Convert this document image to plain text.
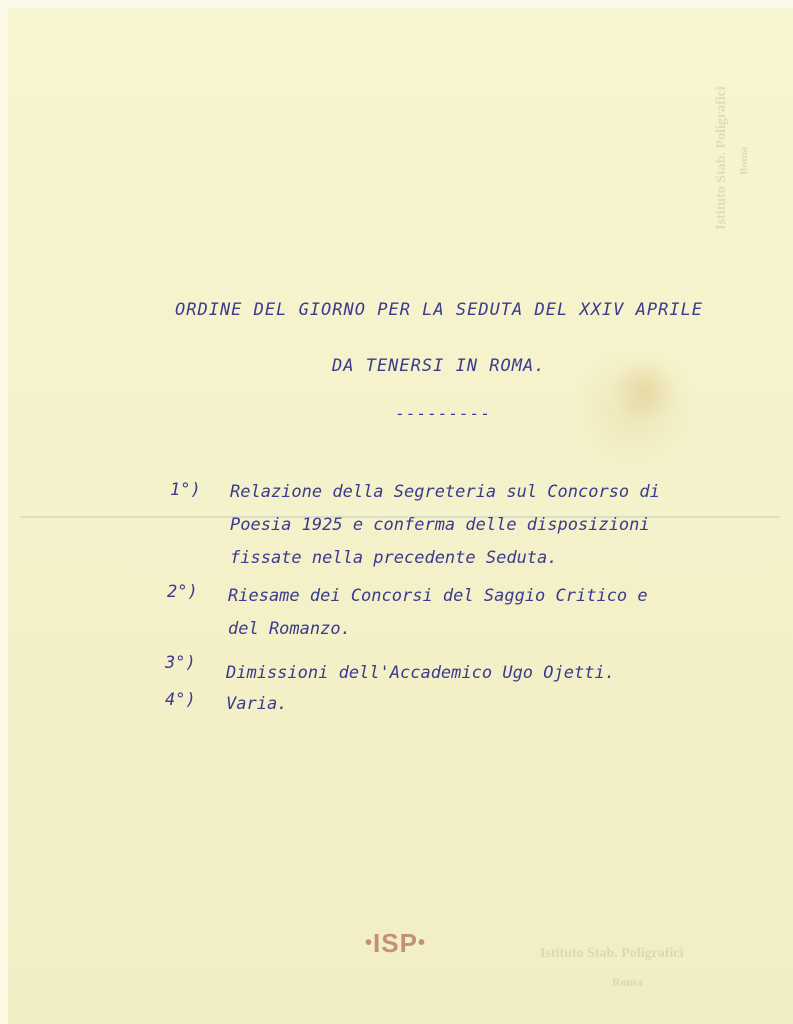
Istituto Stab. Poligrafici Roma
ORDINE DEL GIORNO PER LA SEDUTA DEL XXIV APRILE
DA TENERSI IN ROMA.
---------
1°) Relazione della Segreteria sul Concorso di
Poesia 1925 e conferma delle disposizioni
fissate nella precedente Seduta.
2°) Riesame dei Concorsi del Saggio Critico e
del Romanzo.
3°) Dimissioni dell'Accademico Ugo Ojetti.
4°) Varia.
Istituto Stab. Poligrafici
Roma
•ISP•
